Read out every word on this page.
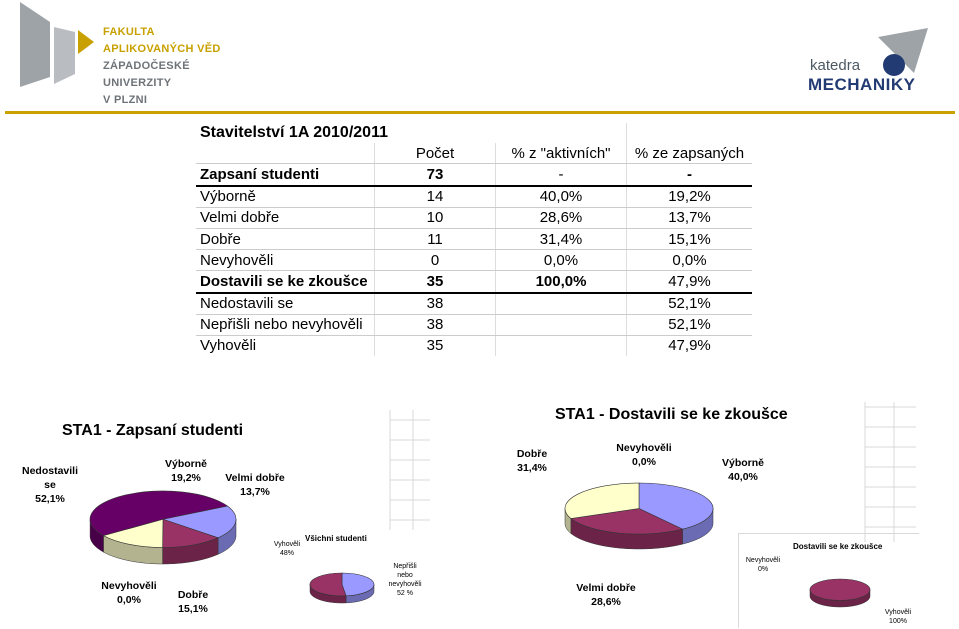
FAKULTA
APLIKOVANÝCH VĚD
ZÁPADOČESKÉ
UNIVERZITY
V PLZNI
katedra
MECHANIKY
Stavitelství 1A 2010/2011			
	Počet	% z "aktivních"	% ze zapsaných
Zapsaní studenti	73	-	-
Výborně	14	40,0%	19,2%
Velmi dobře	10	28,6%	13,7%
Dobře	11	31,4%	15,1%
Nevyhověli	0	0,0%	0,0%
Dostavili se ke zkoušce	35	100,0%	47,9%
Nedostavili se	38		52,1%
Nepřišli nebo nevyhověli	38		52,1%
Vyhověli	35		47,9%
STA1 - Zapsaní studenti
Nedostavili
se
52,1%
Výborně
19,2%	Velmi dobře
13,7%
Dobře
15,1%
Nevyhověli
0,0%
Všichni studenti
Vyhověli
48%
Nepřišli
nebo
nevyhověli
52 %
STA1 - Dostavili se ke zkoušce
Dobře
31,4%
Nevyhověli
0,0%	Výborně
40,0%
Velmi dobře
28,6%
Dostavili se ke zkoušce
Nevyhověli
0%
Vyhověli
100%
